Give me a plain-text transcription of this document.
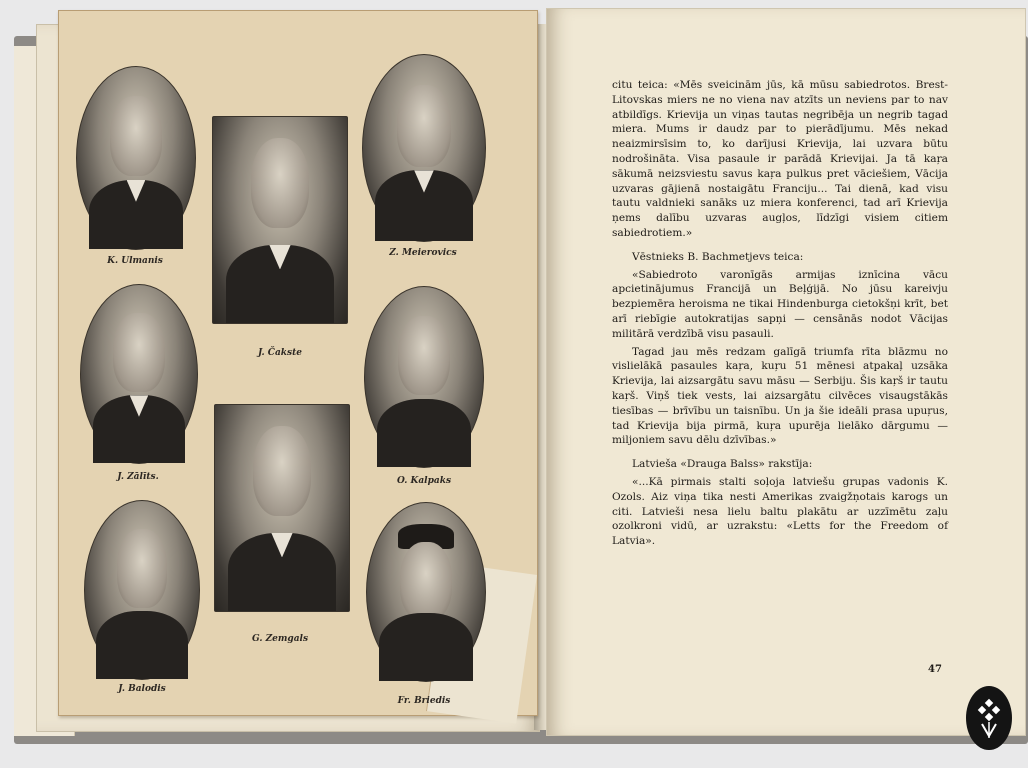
K. Ulmanis
J. Čakste
Z. Meierovics
J. Zālīts.	O. Kalpaks
G. Zemgals
J. Balodis
Fr. Briedis

citu teica: «Mēs sveicinām jūs, kā mūsu sabiedrotos. Brest-Litovskas miers ne no viena nav atzīts un neviens par to nav atbildīgs. Krievija un viņas tautas negribēja un negrib tagad miera. Mums ir daudz par to pierādījumu. Mēs nekad neaizmirsīsim to, ko darījusi Krievija, lai uzvara būtu nodrošināta. Visa pasaule ir parādā Krievijai. Ja tā kaŗa sākumā neizsviestu savus kaŗa pulkus pret vāciešiem, Vācija uzvaras gājienā nostaigātu Franciju... Tai dienā, kad visu tautu valdnieki sanāks uz miera konferenci, tad arī Krievija ņems dalību uzvaras augļos, līdzīgi visiem citiem sabiedrotiem.»

Vēstnieks B. Bachmetjevs teica:

«Sabiedroto varonīgās armijas iznīcina vācu apcietinājumus Francijā un Beļģijā. No jūsu kareivju bezpiemēra heroisma ne tikai Hindenburga cietokšņi krīt, bet arī riebīgie autokratijas sapņi — censānās nodot Vācijas militārā verdzībā visu pasauli.

Tagad jau mēs redzam galīgā triumfa rīta blāzmu no vislielākā pasaules kaŗa, kuŗu 51 mēnesi atpakaļ uzsāka Krievija, lai aizsargātu savu māsu — Serbiju. Šis kaŗš ir tautu kaŗš. Viņš tiek vests, lai aizsargātu cilvēces visaugstākās tiesības — brīvību un taisnību. Un ja šie ideāli prasa upuŗus, tad Krievija bija pirmā, kuŗa upurēja lielāko dārgumu — miljoniem savu dēlu dzīvības.»

Latvieša «Drauga Balss» rakstīja:

«...Kā pirmais stalti soļoja latviešu grupas vadonis K. Ozols. Aiz viņa tika nesti Amerikas zvaigžņotais karogs un citi. Latvieši nesa lielu baltu plakātu ar uzzīmētu zaļu ozolkroni vidū, ar uzrakstu: «Letts for the Freedom of Latvia».

47
